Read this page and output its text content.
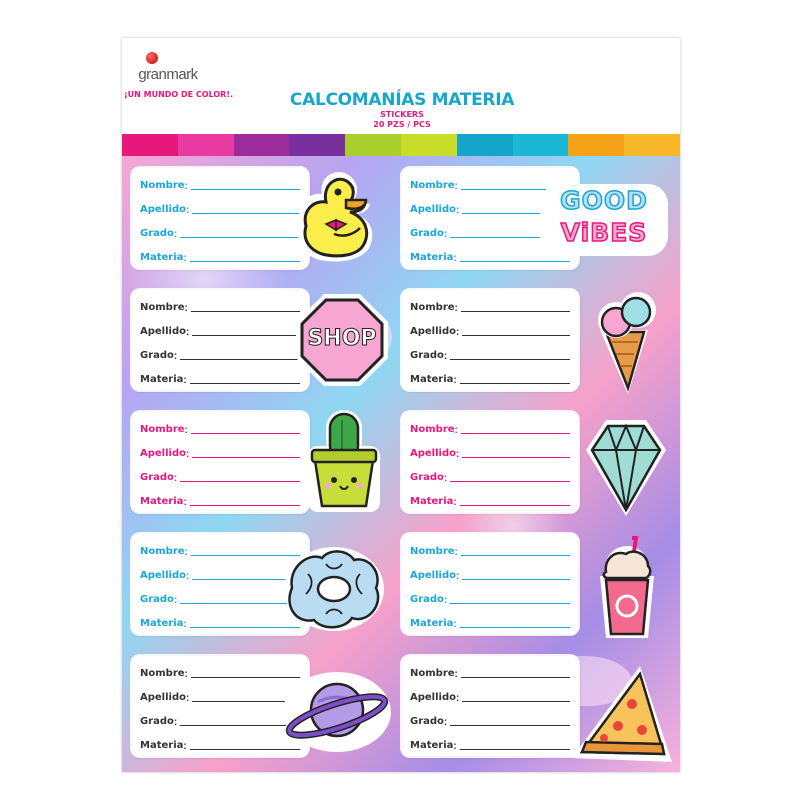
granmark
¡UN MUNDO DE COLOR!.	CALCOMANÍAS MATERIA
STICKERS
20 PZS / PCS
Nombre :
Apellido :
Grado :
Materia :
Nombre :
Apellido :
Grado :
Materia :
GOOD
ViBES
Nombre :
Apellido :
Grado :
Materia :
SHOP
Nombre :
Apellido :
Grado :
Materia :
Nombre :
Apellido :
Grado :
Materia :
Nombre :
Apellido :
Grado :
Materia :
Nombre :
Apellido :
Grado :
Materia :
Nombre :
Apellido :
Grado :
Materia :
Nombre :
Apellido :
Grado :
Materia :
Nombre :
Apellido :
Grado :
Materia :
